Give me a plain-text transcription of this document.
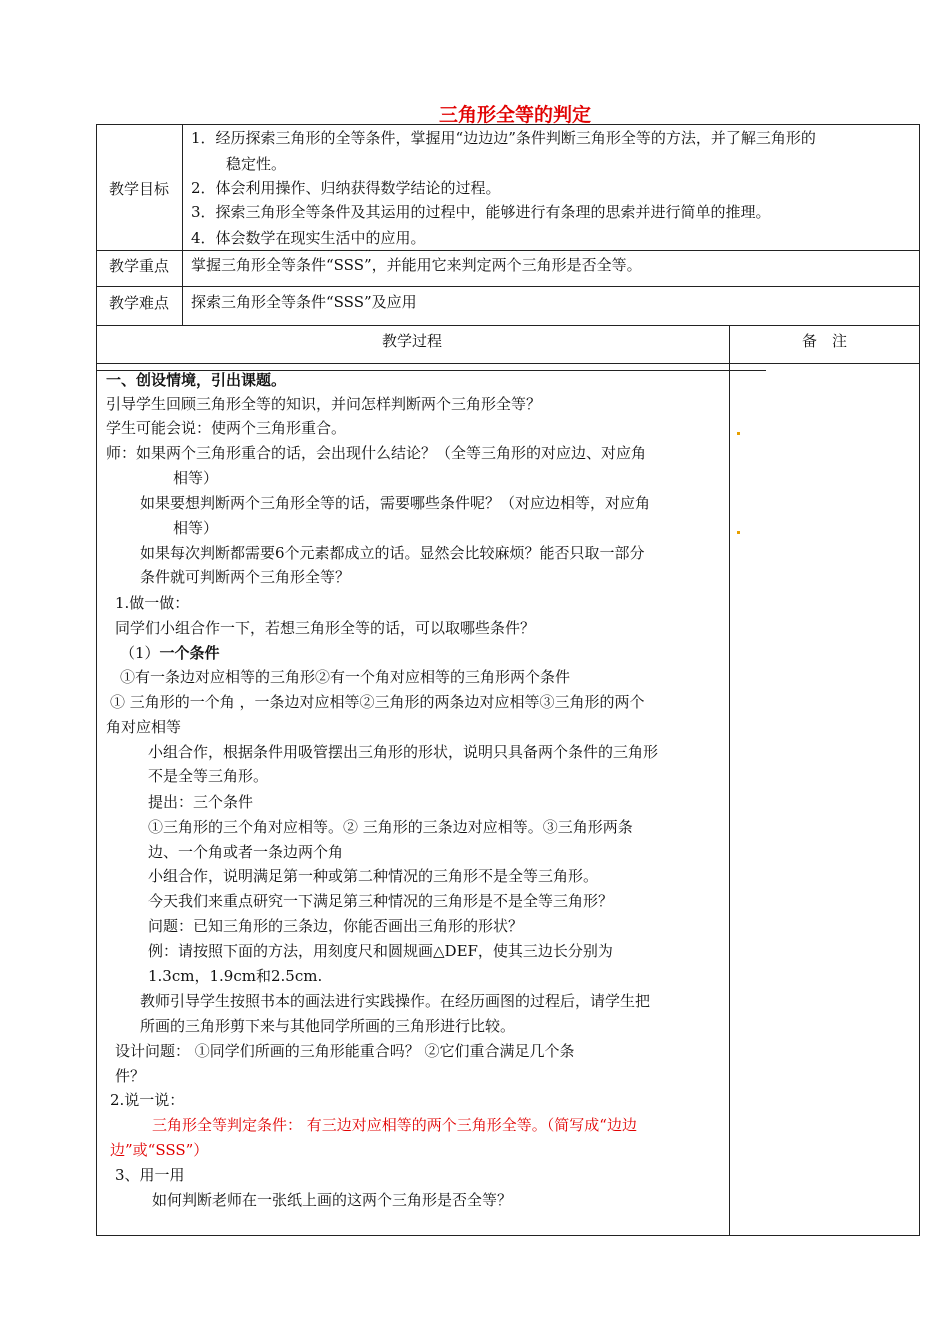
三角形全等的判定
教学目标
1．经历探索三角形的全等条件，掌握用“边边边”条件判断三角形全等的方法，并了解三角形的
稳定性。
2．体会利用操作、归纳获得数学结论的过程。
3．探索三角形全等条件及其运用的过程中，能够进行有条理的思索并进行简单的推理。
4．体会数学在现实生活中的应用。
教学重点	掌握三角形全等条件“SSS”，并能用它来判定两个三角形是否全等。
教学难点	探索三角形全等条件“SSS”及应用
教学过程	备　注
一、创设情境，引出课题。
引导学生回顾三角形全等的知识，并问怎样判断两个三角形全等？
学生可能会说：使两个三角形重合。
师：如果两个三角形重合的话，会出现什么结论？（全等三角形的对应边、对应角
相等）
如果要想判断两个三角形全等的话，需要哪些条件呢？（对应边相等，对应角
相等）
如果每次判断都需要6个元素都成立的话。显然会比较麻烦？能否只取一部分
条件就可判断两个三角形全等？
1.做一做：
同学们小组合作一下，若想三角形全等的话，可以取哪些条件？
（1）一个条件
①有一条边对应相等的三角形②有一个角对应相等的三角形两个条件
① 三角形的一个角 ，一条边对应相等②三角形的两条边对应相等③三角形的两个
角对应相等
小组合作，根据条件用吸管摆出三角形的形状，说明只具备两个条件的三角形
不是全等三角形。
提出：三个条件
①三角形的三个角对应相等。② 三角形的三条边对应相等。③三角形两条
边、一个角或者一条边两个角
小组合作，说明满足第一种或第二种情况的三角形不是全等三角形。
今天我们来重点研究一下满足第三种情况的三角形是不是全等三角形？
问题：已知三角形的三条边，你能否画出三角形的形状？
例：请按照下面的方法，用刻度尺和圆规画△DEF，使其三边长分别为
1.3cm，1.9cm和2.5cm.
教师引导学生按照书本的画法进行实践操作。在经历画图的过程后，请学生把
所画的三角形剪下来与其他同学所画的三角形进行比较。
设计问题： ①同学们所画的三角形能重合吗？ ②它们重合满足几个条
件？
2.说一说：
三角形全等判定条件： 有三边对应相等的两个三角形全等。（简写成“边边
边”或“SSS”）
3、用一用
如何判断老师在一张纸上画的这两个三角形是否全等？
